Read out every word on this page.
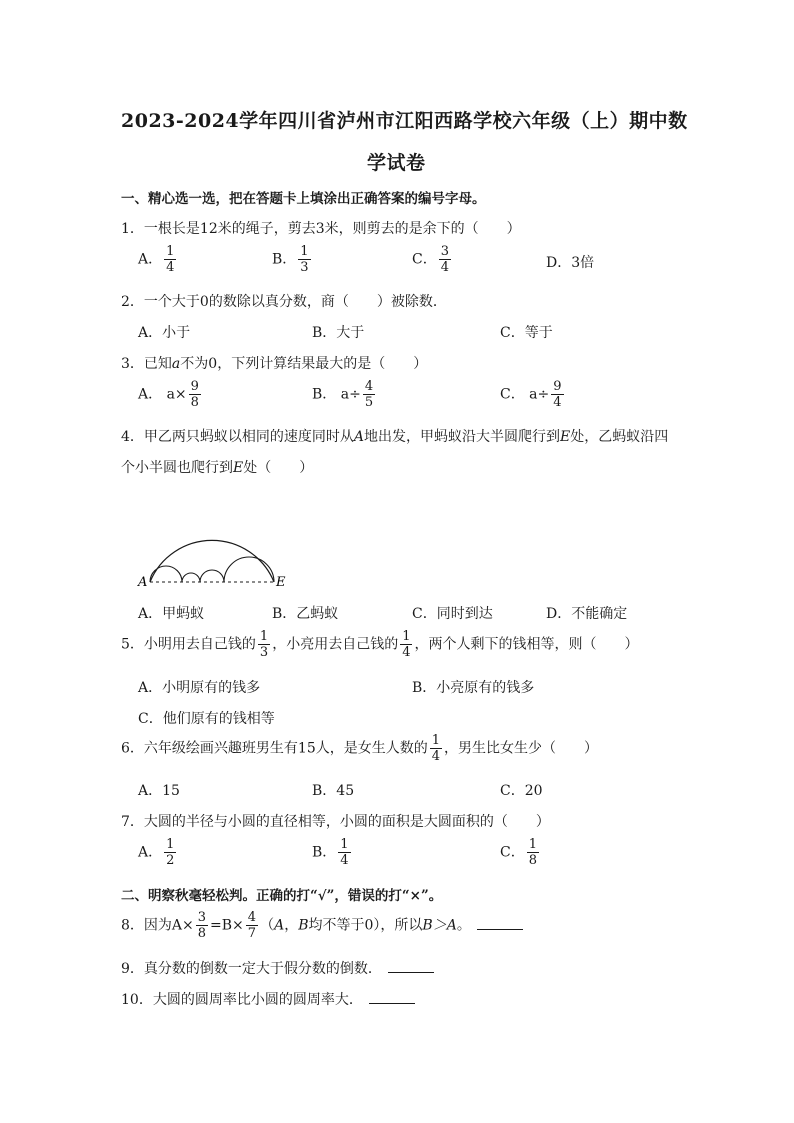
2023-2024学年四川省泸州市江阳西路学校六年级（上）期中数
学试卷
一、精心选一选，把在答题卡上填涂出正确答案的编号字母。
1．一根长是12米的绳子，剪去3米，则剪去的是余下的（　　）
A． $\frac{1}{4}$	B． $\frac{1}{3}$	C． $\frac{3}{4}$	D．3倍
2．一个大于0的数除以真分数，商（　　）被除数．
A．小于	B．大于	C．等于
3．已知a不为0，下列计算结果最大的是（　　）
A． $a\times \frac{9}{8}$	B． $a\div \frac{4}{5}$	C． $a\div \frac{9}{4}$
4．甲乙两只蚂蚁以相同的速度同时从A地出发，甲蚂蚁沿大半圆爬行到E处，乙蚂蚁沿四
个小半圆也爬行到E处（　　）
A	E
A．甲蚂蚁	B．乙蚂蚁	C．同时到达	D．不能确定
5．小明用去自己钱的 $\frac{1}{3}$ ，小亮用去自己钱的 $\frac{1}{4}$ ，两个人剩下的钱相等，则（　　）
A．小明原有的钱多	B．小亮原有的钱多
C．他们原有的钱相等
6．六年级绘画兴趣班男生有15人，是女生人数的 $\frac{1}{4}$ ，男生比女生少（　　）
A．15	B．45	C．20
7．大圆的半径与小圆的直径相等，小圆的面积是大圆面积的（　　）
A． $\frac{1}{2}$	B． $\frac{1}{4}$	C． $\frac{1}{8}$
二、明察秋毫轻松判。正确的打“√”，错误的打“×”。
8．因为$A\times \frac{3}{8} =B\times \frac{4}{7} (A$，B均不等于0），所以B＞A。
9．真分数的倒数一定大于假分数的倒数．
10．大圆的圆周率比小圆的圆周率大．
